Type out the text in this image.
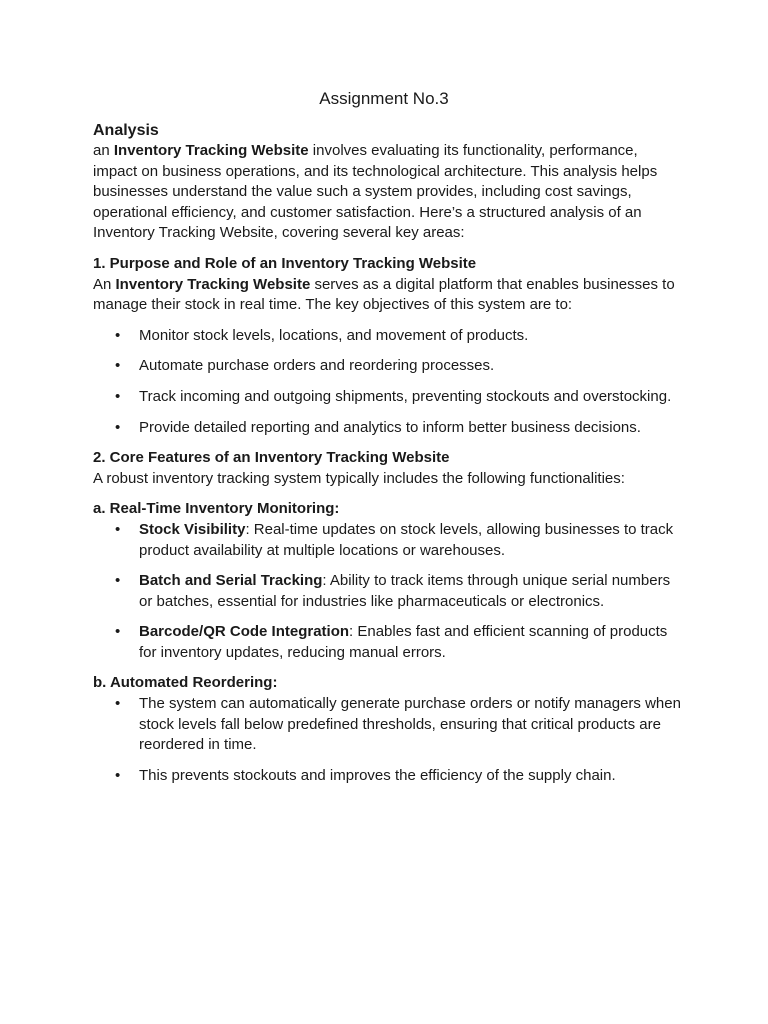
Assignment No.3

Analysis

an Inventory Tracking Website involves evaluating its functionality, performance, impact on business operations, and its technological architecture. This analysis helps businesses understand the value such a system provides, including cost savings, operational efficiency, and customer satisfaction. Here’s a structured analysis of an Inventory Tracking Website, covering several key areas:

1. Purpose and Role of an Inventory Tracking Website

An Inventory Tracking Website serves as a digital platform that enables businesses to manage their stock in real time. The key objectives of this system are to:

• Monitor stock levels, locations, and movement of products.
• Automate purchase orders and reordering processes.
• Track incoming and outgoing shipments, preventing stockouts and overstocking.
• Provide detailed reporting and analytics to inform better business decisions.

2. Core Features of an Inventory Tracking Website

A robust inventory tracking system typically includes the following functionalities:

a. Real-Time Inventory Monitoring:

• Stock Visibility: Real-time updates on stock levels, allowing businesses to track product availability at multiple locations or warehouses.
• Batch and Serial Tracking: Ability to track items through unique serial numbers or batches, essential for industries like pharmaceuticals or electronics.
• Barcode/QR Code Integration: Enables fast and efficient scanning of products for inventory updates, reducing manual errors.

b. Automated Reordering:

• The system can automatically generate purchase orders or notify managers when stock levels fall below predefined thresholds, ensuring that critical products are reordered in time.
• This prevents stockouts and improves the efficiency of the supply chain.
